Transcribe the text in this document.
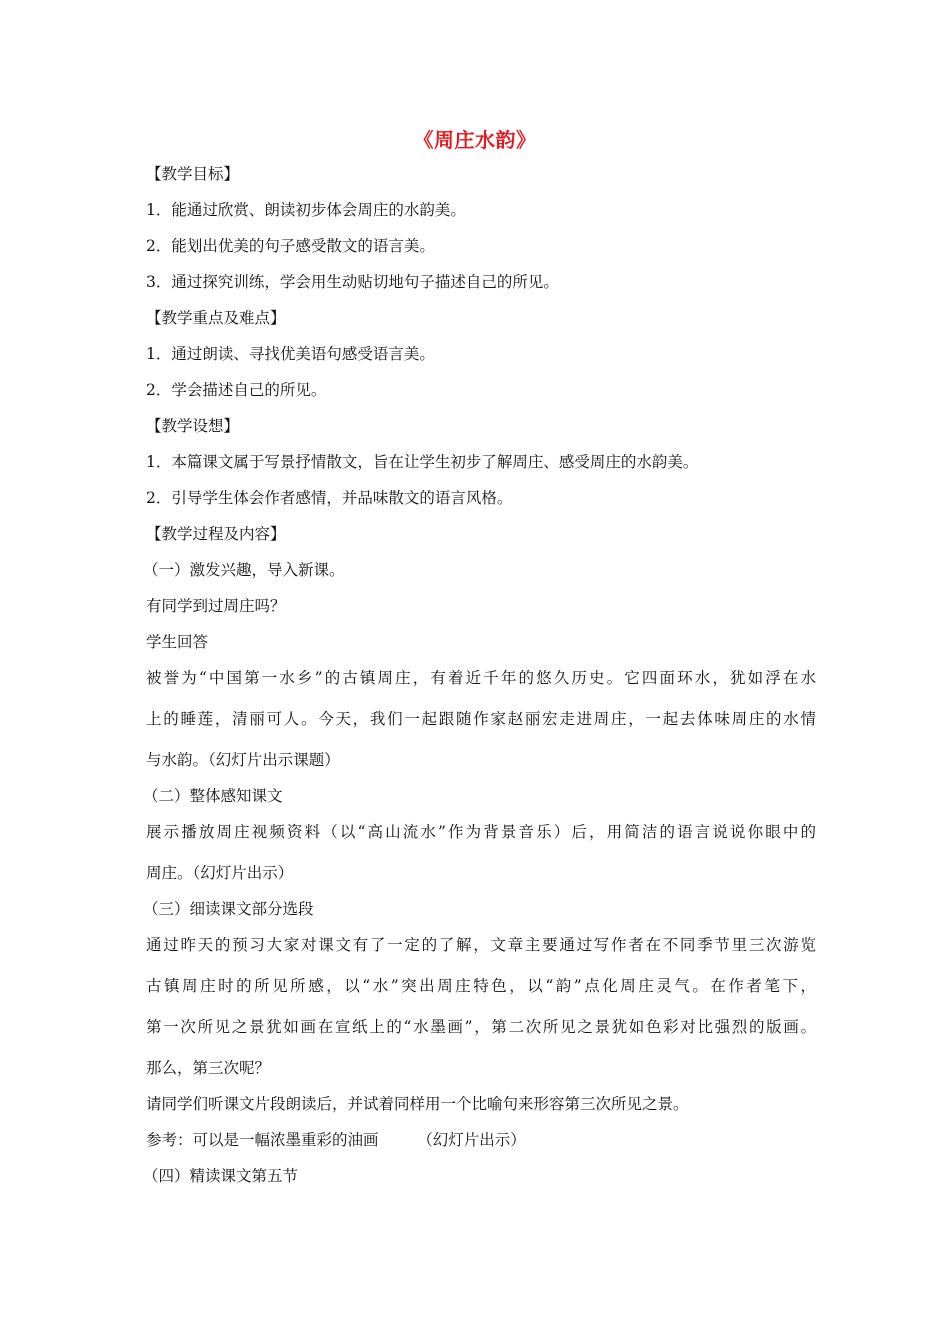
《周庄水韵》
【教学目标】
1．能通过欣赏、朗读初步体会周庄的水韵美。
2．能划出优美的句子感受散文的语言美。
3．通过探究训练，学会用生动贴切地句子描述自己的所见。
【教学重点及难点】
1．通过朗读、寻找优美语句感受语言美。
2．学会描述自己的所见。
【教学设想】
1．本篇课文属于写景抒情散文，旨在让学生初步了解周庄、感受周庄的水韵美。
2．引导学生体会作者感情，并品味散文的语言风格。
【教学过程及内容】
（一）激发兴趣，导入新课。
有同学到过周庄吗？
学生回答
被誉为“中国第一水乡”的古镇周庄，有着近千年的悠久历史。它四面环水，犹如浮在水
上的睡莲，清丽可人。今天，我们一起跟随作家赵丽宏走进周庄，一起去体味周庄的水情
与水韵。（幻灯片出示课题）
（二）整体感知课文
展示播放周庄视频资料（以“高山流水”作为背景音乐）后，用简洁的语言说说你眼中的
周庄。（幻灯片出示）
（三）细读课文部分选段
通过昨天的预习大家对课文有了一定的了解，文章主要通过写作者在不同季节里三次游览
古镇周庄时的所见所感，以“水”突出周庄特色，以“韵”点化周庄灵气。在作者笔下，
第一次所见之景犹如画在宣纸上的“水墨画”，第二次所见之景犹如色彩对比强烈的版画。
那么，第三次呢？
请同学们听课文片段朗读后，并试着同样用一个比喻句来形容第三次所见之景。
参考：可以是一幅浓墨重彩的油画　　　（幻灯片出示）
（四）精读课文第五节
